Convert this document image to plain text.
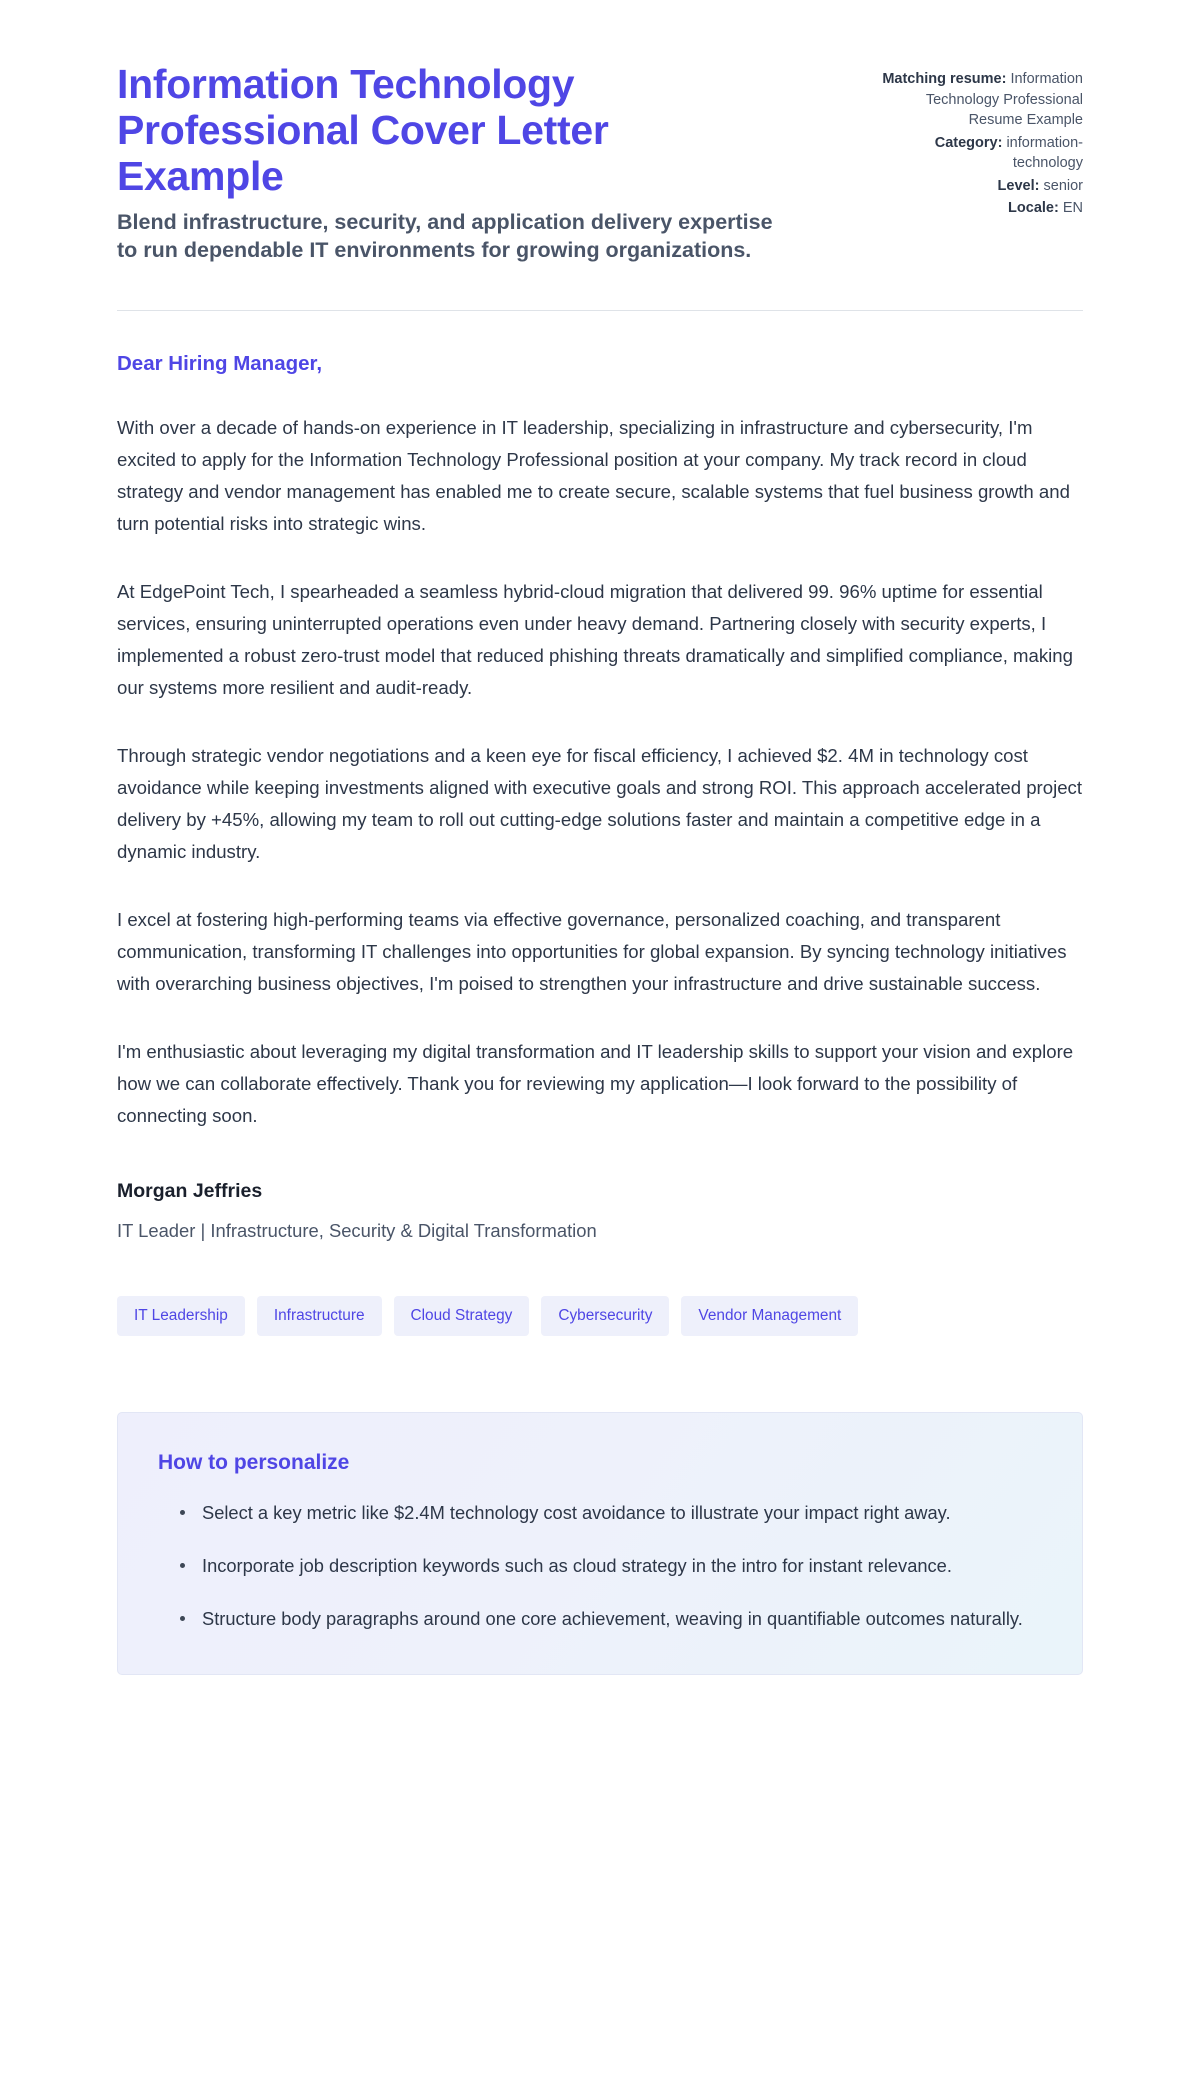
Information Technology Professional Cover Letter Example

Blend infrastructure, security, and application delivery expertise to run dependable IT environments for growing organizations.

Matching resume: Information Technology Professional Resume Example
Category: information-technology
Level: senior
Locale: EN

Dear Hiring Manager,

With over a decade of hands-on experience in IT leadership, specializing in infrastructure and cybersecurity, I'm excited to apply for the Information Technology Professional position at your company. My track record in cloud strategy and vendor management has enabled me to create secure, scalable systems that fuel business growth and turn potential risks into strategic wins.

At EdgePoint Tech, I spearheaded a seamless hybrid-cloud migration that delivered 99. 96% uptime for essential services, ensuring uninterrupted operations even under heavy demand. Partnering closely with security experts, I implemented a robust zero-trust model that reduced phishing threats dramatically and simplified compliance, making our systems more resilient and audit-ready.

Through strategic vendor negotiations and a keen eye for fiscal efficiency, I achieved $2. 4M in technology cost avoidance while keeping investments aligned with executive goals and strong ROI. This approach accelerated project delivery by +45%, allowing my team to roll out cutting-edge solutions faster and maintain a competitive edge in a dynamic industry.

I excel at fostering high-performing teams via effective governance, personalized coaching, and transparent communication, transforming IT challenges into opportunities for global expansion. By syncing technology initiatives with overarching business objectives, I'm poised to strengthen your infrastructure and drive sustainable success.

I'm enthusiastic about leveraging my digital transformation and IT leadership skills to support your vision and explore how we can collaborate effectively. Thank you for reviewing my application—I look forward to the possibility of connecting soon.

Morgan Jeffries

IT Leader | Infrastructure, Security & Digital Transformation

IT Leadership	Infrastructure	Cloud Strategy	Cybersecurity	Vendor Management
How to personalize
Select a key metric like $2.4M technology cost avoidance to illustrate your impact right away.
Incorporate job description keywords such as cloud strategy in the intro for instant relevance.
Structure body paragraphs around one core achievement, weaving in quantifiable outcomes naturally.
